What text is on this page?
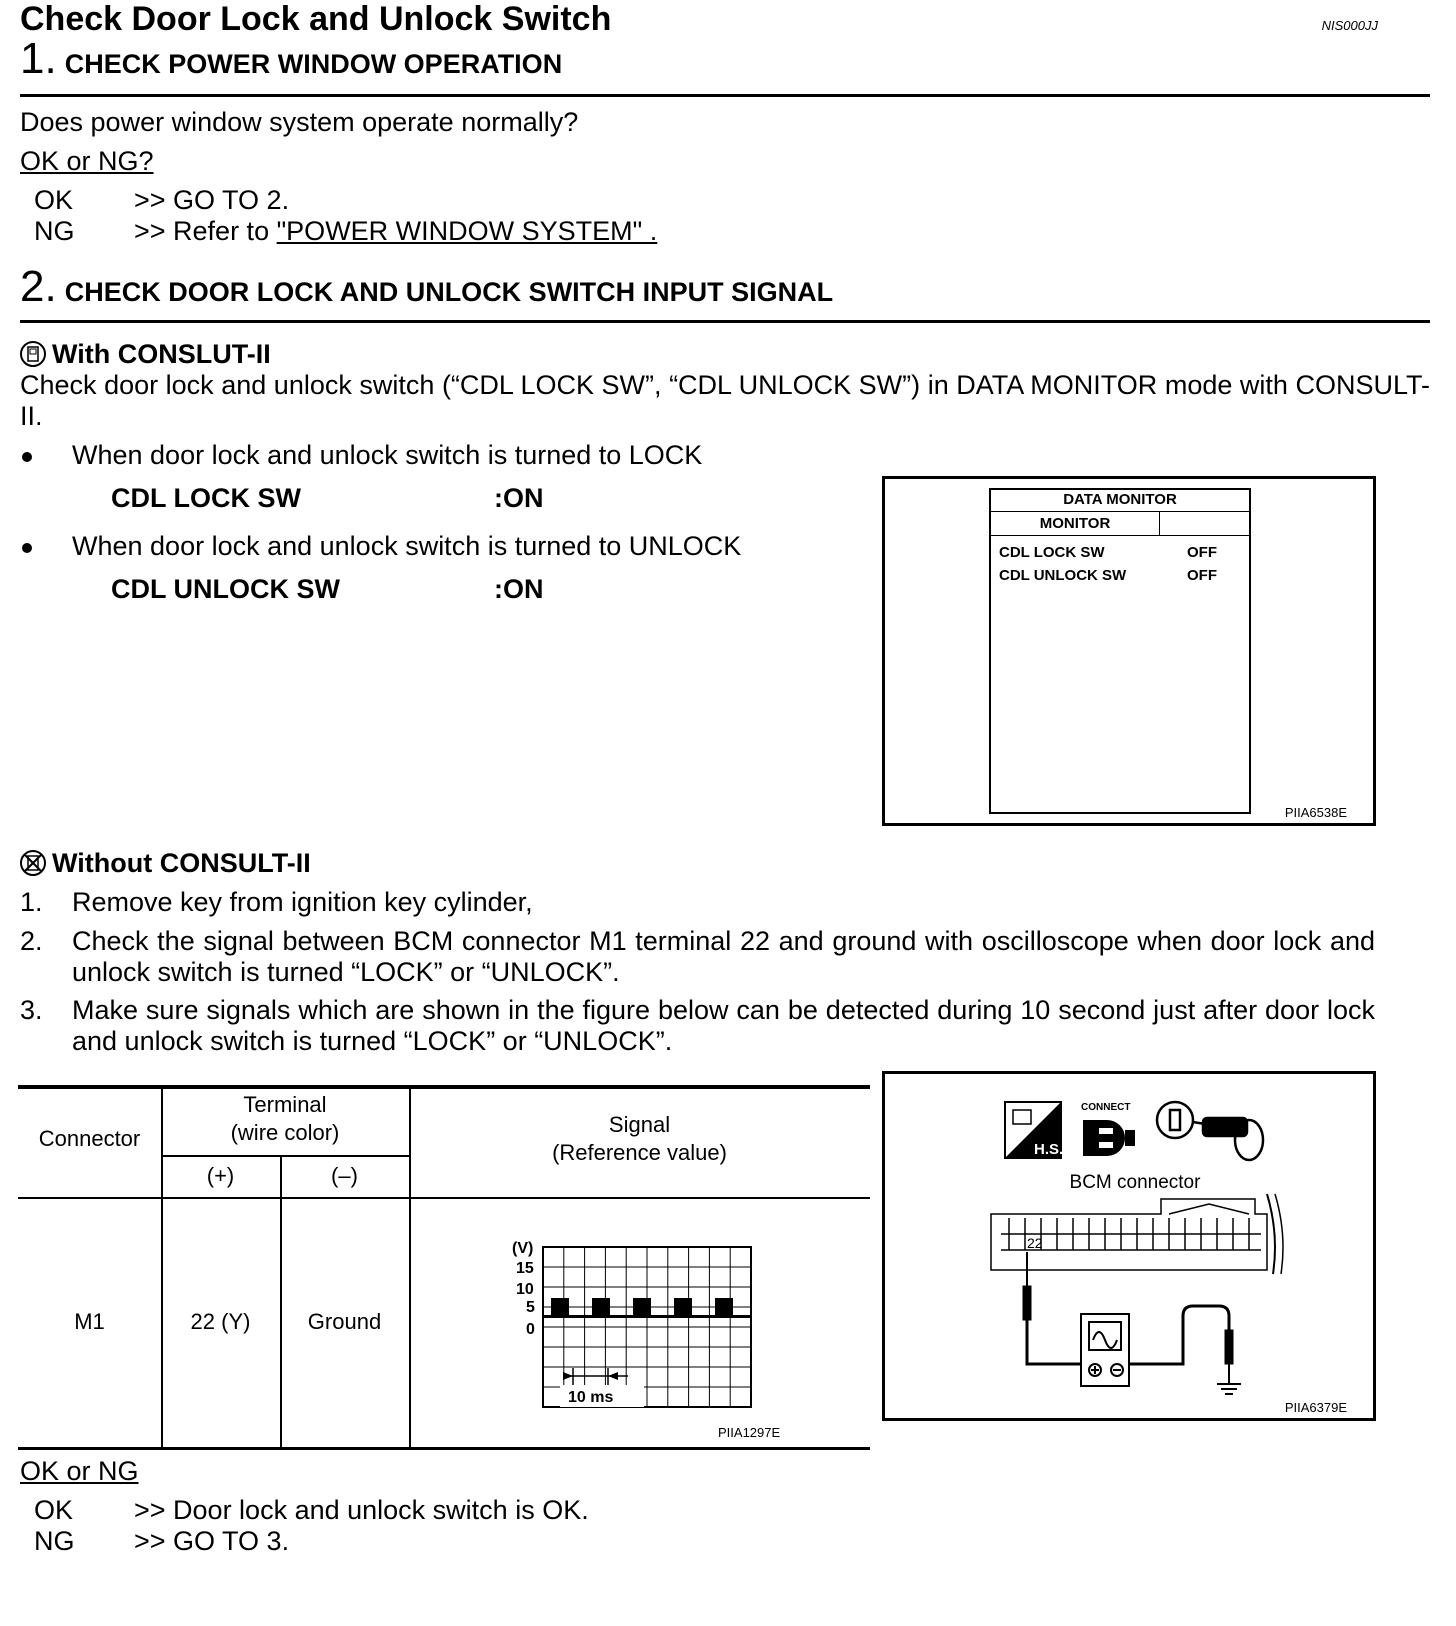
Check Door Lock and Unlock Switch	NIS000JJ
1. CHECK POWER WINDOW OPERATION
Does power window system operate normally?
OK or NG?
OK >> GO TO 2.
NG >> Refer to "POWER WINDOW SYSTEM" .
2. CHECK DOOR LOCK AND UNLOCK SWITCH INPUT SIGNAL
With CONSLUT-II
Check door lock and unlock switch (“CDL LOCK SW”, “CDL UNLOCK SW”) in DATA MONITOR mode with CONSULT-II.
When door lock and unlock switch is turned to LOCK
CDL LOCK SW	:ON
When door lock and unlock switch is turned to UNLOCK
CDL UNLOCK SW	:ON
DATA MONITOR
MONITOR
CDL LOCK SW	OFF
CDL UNLOCK SW	OFF
PIIA6538E
Without CONSULT-II
1. Remove key from ignition key cylinder,
2. Check the signal between BCM connector M1 terminal 22 and ground with oscilloscope when door lock and unlock switch is turned “LOCK” or “UNLOCK”.
3. Make sure signals which are shown in the figure below can be detected during 10 second just after door lock and unlock switch is turned “LOCK” or “UNLOCK”.
Connector
Terminal
(wire color)
(+)	(–)
Signal
(Reference value)
M1	22 (Y)	Ground
(V)
15
10
5
0
10 ms
PIIA1297E
H.S.
CONNECT
BCM connector
22
PIIA6379E
OK or NG
OK >> Door lock and unlock switch is OK.
NG >> GO TO 3.
